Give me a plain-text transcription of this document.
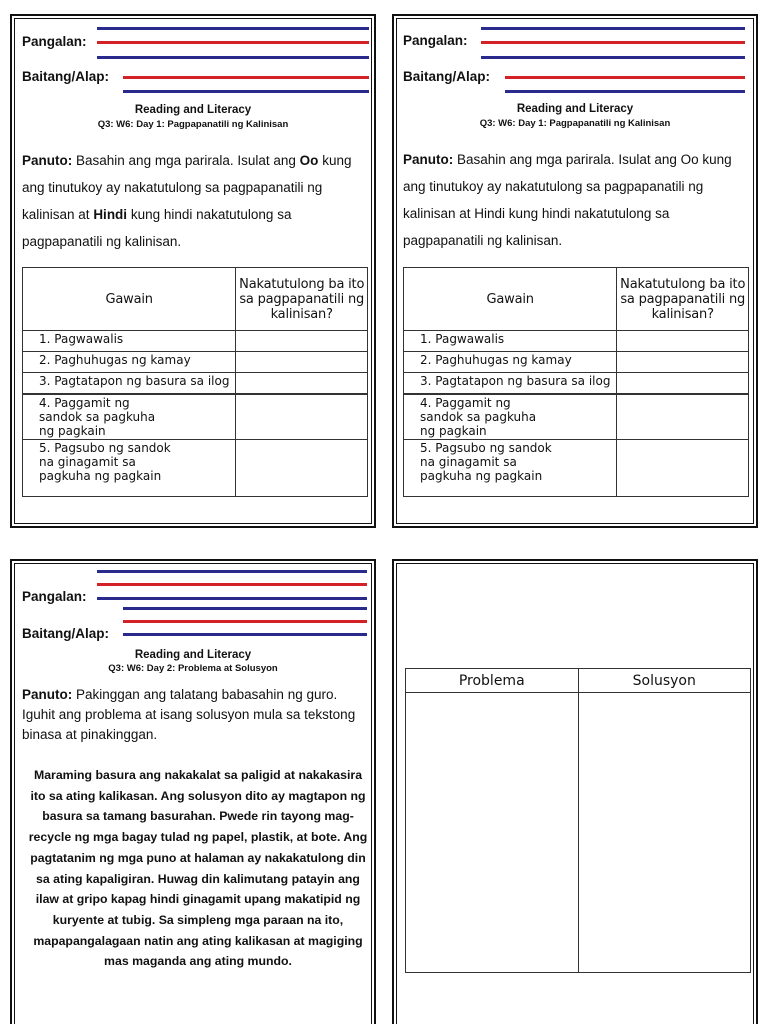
Pangalan:
Baitang/Alap:
Reading and Literacy
Q3: W6: Day 1: Pagpapanatili ng Kalinisan
Panuto: Basahin ang mga parirala. Isulat ang Oo kung ang tinutukoy ay nakatutulong sa pagpapanatili ng kalinisan at Hindi kung hindi nakatutulong sa pagpapanatili ng kalinisan.
Gawain	Nakatutulong ba ito sa pagpapanatili ng kalinisan?
1. Pagwawalis	
2. Paghuhugas ng kamay	
3. Pagtatapon ng basura sa ilog	
4. Paggamit ng sandok sa pagkuha ng pagkain	
5. Pagsubo ng sandok na ginagamit sa pagkuha ng pagkain	
Pangalan:
Baitang/Alap:
Reading and Literacy
Q3: W6: Day 1: Pagpapanatili ng Kalinisan
Panuto: Basahin ang mga parirala. Isulat ang Oo kung ang tinutukoy ay nakatutulong sa pagpapanatili ng kalinisan at Hindi kung hindi nakatutulong sa pagpapanatili ng kalinisan.
Gawain	Nakatutulong ba ito sa pagpapanatili ng kalinisan?
1. Pagwawalis	
2. Paghuhugas ng kamay	
3. Pagtatapon ng basura sa ilog	
4. Paggamit ng sandok sa pagkuha ng pagkain	
5. Pagsubo ng sandok na ginagamit sa pagkuha ng pagkain	
Pangalan:
Baitang/Alap:
Reading and Literacy
Q3: W6: Day 2: Problema at Solusyon
Panuto: Pakinggan ang talatang babasahin ng guro. Iguhit ang problema at isang solusyon mula sa tekstong binasa at pinakinggan.
Maraming basura ang nakakalat sa paligid at nakakasira ito sa ating kalikasan. Ang solusyon dito ay magtapon ng basura sa tamang basurahan. Pwede rin tayong mag-recycle ng mga bagay tulad ng papel, plastik, at bote. Ang pagtatanim ng mga puno at halaman ay nakakatulong din sa ating kapaligiran. Huwag din kalimutang patayin ang ilaw at gripo kapag hindi ginagamit upang makatipid ng kuryente at tubig. Sa simpleng mga paraan na ito, mapapangalagaan natin ang ating kalikasan at magiging mas maganda ang ating mundo.
Problema	Solusyon
